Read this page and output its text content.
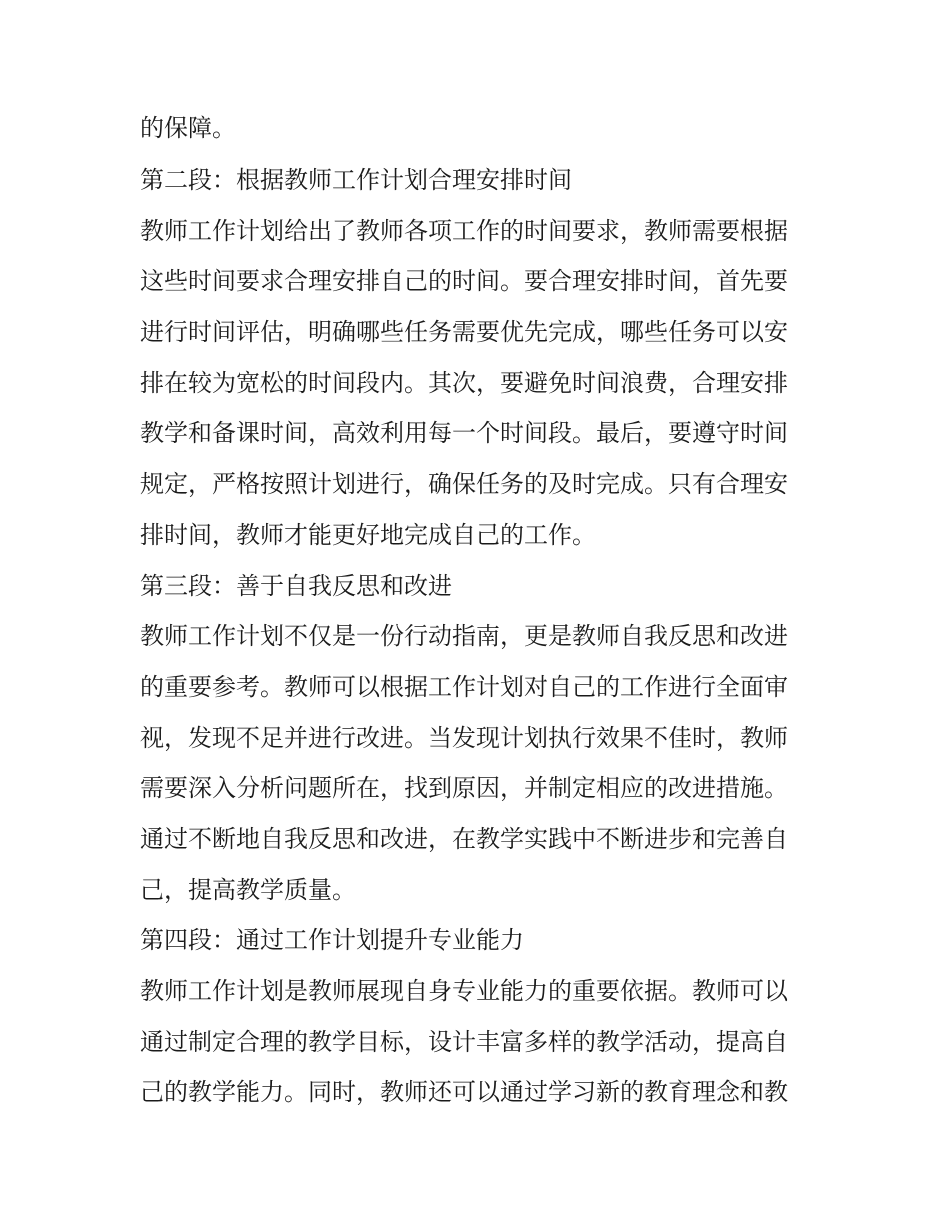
的保障。
第二段：根据教师工作计划合理安排时间
教师工作计划给出了教师各项工作的时间要求，教师需要根据
这些时间要求合理安排自己的时间。要合理安排时间，首先要
进行时间评估，明确哪些任务需要优先完成，哪些任务可以安
排在较为宽松的时间段内。其次，要避免时间浪费，合理安排
教学和备课时间，高效利用每一个时间段。最后，要遵守时间
规定，严格按照计划进行，确保任务的及时完成。只有合理安
排时间，教师才能更好地完成自己的工作。
第三段：善于自我反思和改进
教师工作计划不仅是一份行动指南，更是教师自我反思和改进
的重要参考。教师可以根据工作计划对自己的工作进行全面审
视，发现不足并进行改进。当发现计划执行效果不佳时，教师
需要深入分析问题所在，找到原因，并制定相应的改进措施。
通过不断地自我反思和改进，在教学实践中不断进步和完善自
己，提高教学质量。
第四段：通过工作计划提升专业能力
教师工作计划是教师展现自身专业能力的重要依据。教师可以
通过制定合理的教学目标，设计丰富多样的教学活动，提高自
己的教学能力。同时，教师还可以通过学习新的教育理念和教
